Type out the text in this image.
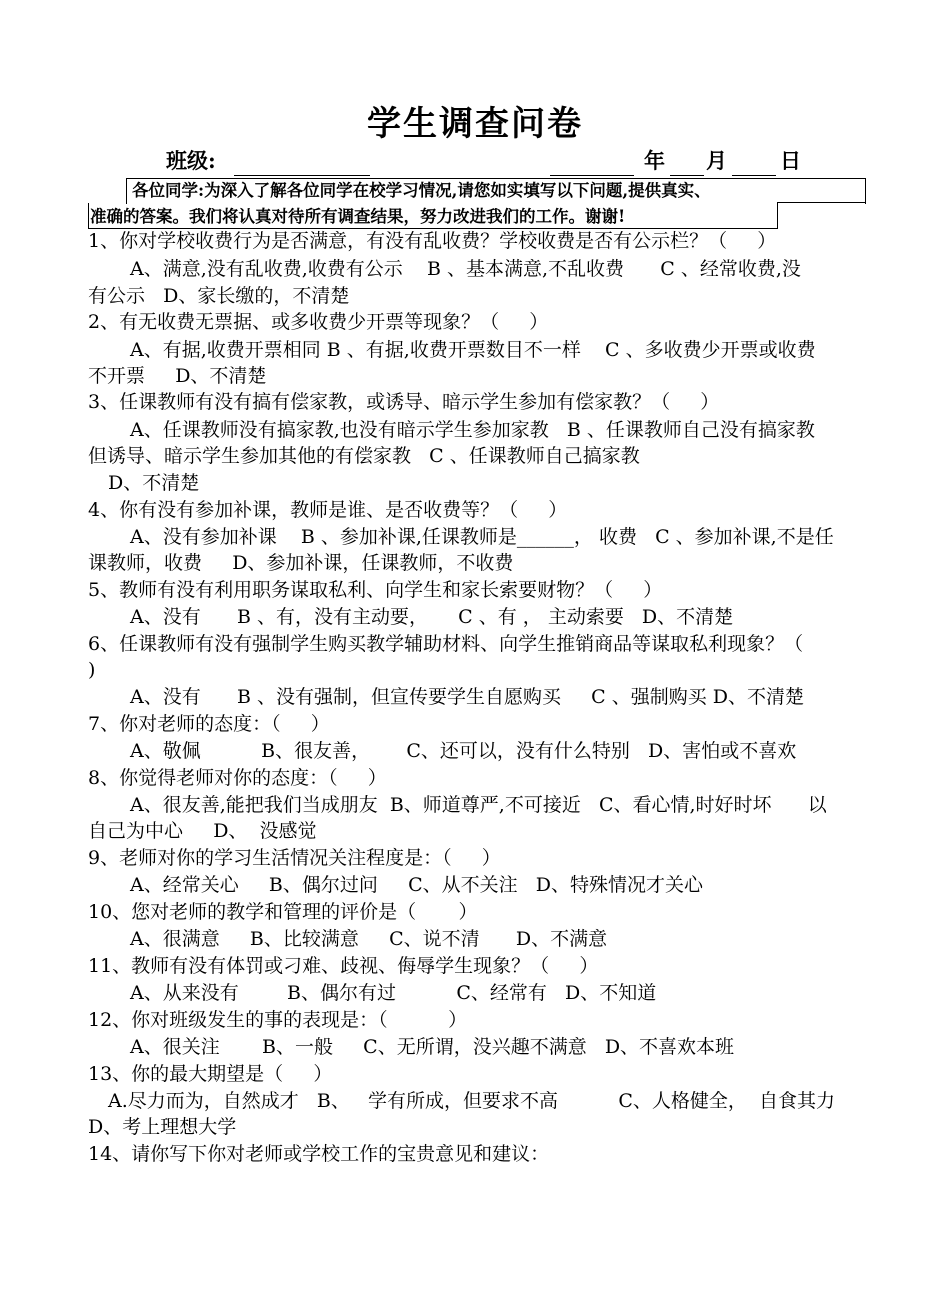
学生调查问卷
班级:	年 月	日
各位同学:为深入了解各位同学在校学习情况,请您如实填写以下问题,提供真实、
准确的答案。我们将认真对待所有调查结果，努力改进我们的工作。谢谢!
1、你对学校收费行为是否满意，有没有乱收费？学校收费是否有公示栏？（     ）
A、满意,没有乱收费,收费有公示    B 、基本满意,不乱收费      C 、经常收费,没
有公示   D、家长缴的，不清楚
2、有无收费无票据、或多收费少开票等现象？（     ）
A、有据,收费开票相同 B 、有据,收费开票数目不一样    C 、多收费少开票或收费
不开票     D、不清楚
3、任课教师有没有搞有偿家教，或诱导、暗示学生参加有偿家教？（     ）
A、任课教师没有搞家教,也没有暗示学生参加家教   B 、任课教师自己没有搞家教
但诱导、暗示学生参加其他的有偿家教   C 、任课教师自己搞家教
D、不清楚
4、你有没有参加补课，教师是谁、是否收费等？（     ）
A、没有参加补课    B 、参加补课,任课教师是______， 收费   C 、参加补课,不是任
课教师，收费     D、参加补课，任课教师，不收费
5、教师有没有利用职务谋取私利、向学生和家长索要财物？（     ）
A、没有      B 、有，没有主动要，     C 、有 ， 主动索要   D、不清楚
6、任课教师有没有强制学生购买教学辅助材料、向学生推销商品等谋取私利现象？（
)
A、没有      B 、没有强制，但宣传要学生自愿购买     C 、强制购买 D、不清楚
7、你对老师的态度：（     ）
A、敬佩          B、很友善，      C、还可以，没有什么特别   D、害怕或不喜欢
8、你觉得老师对你的态度：（     ）
A、很友善,能把我们当成朋友  B、师道尊严,不可接近   C、看心情,时好时坏      以
自己为中心     D、  没感觉
9、老师对你的学习生活情况关注程度是：（     ）
A、经常关心     B、偶尔过问     C、从不关注   D、特殊情况才关心
10、您对老师的教学和管理的评价是（       ）
A、很满意     B、比较满意     C、说不清      D、不满意
11、教师有没有体罚或刁难、歧视、侮辱学生现象？（     ）
A、从来没有        B、偶尔有过          C、经常有   D、不知道
12、你对班级发生的事的表现是：（          ）
A、很关注       B、一般     C、无所谓，没兴趣不满意   D、不喜欢本班
13、你的最大期望是（     ）
A.尽力而为，自然成才   B、   学有所成，但要求不高          C、人格健全，  自食其力
D、考上理想大学
14、请你写下你对老师或学校工作的宝贵意见和建议：
